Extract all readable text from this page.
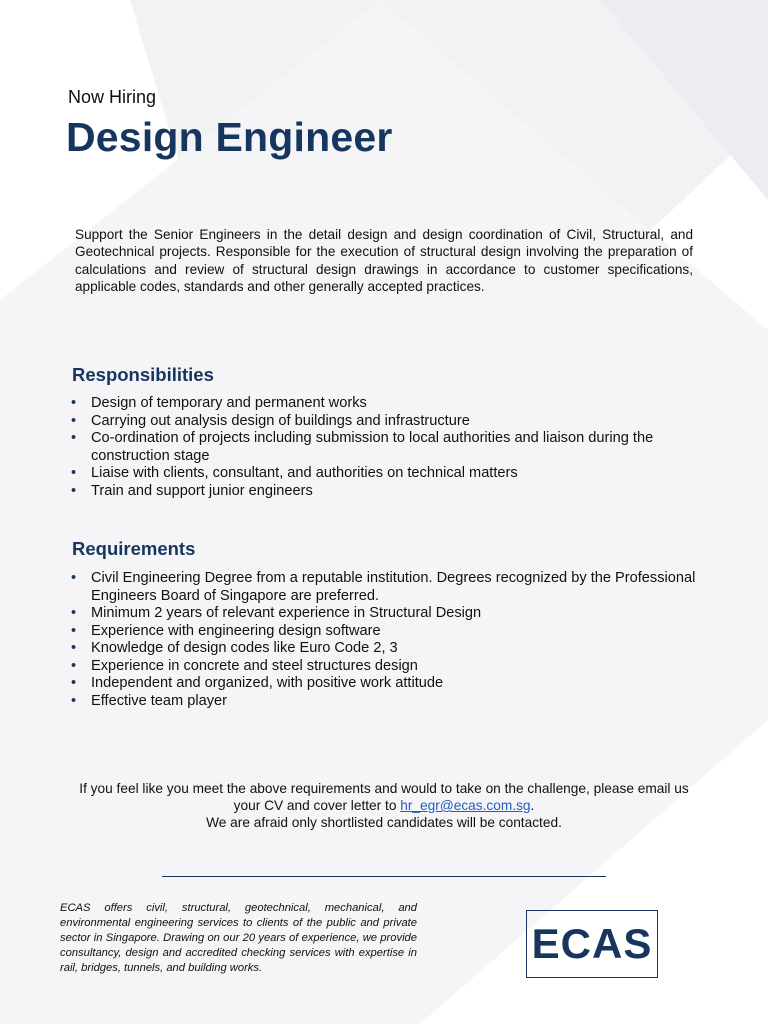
Now Hiring
Design Engineer
Support the Senior Engineers in the detail design and design coordination of Civil, Structural, and Geotechnical projects. Responsible for the execution of structural design involving the preparation of calculations and review of structural design drawings in accordance to customer specifications, applicable codes, standards and other generally accepted practices.
Responsibilities
• Design of temporary and permanent works
• Carrying out analysis design of buildings and infrastructure
• Co-ordination of projects including submission to local authorities and liaison during the construction stage
• Liaise with clients, consultant, and authorities on technical matters
• Train and support junior engineers
Requirements
• Civil Engineering Degree from a reputable institution. Degrees recognized by the Professional Engineers Board of Singapore are preferred.
• Minimum 2 years of relevant experience in Structural Design
• Experience with engineering design software
• Knowledge of design codes like Euro Code 2, 3
• Experience in concrete and steel structures design
• Independent and organized, with positive work attitude
• Effective team player
If you feel like you meet the above requirements and would to take on the challenge, please email us your CV and cover letter to hr_egr@ecas.com.sg.
We are afraid only shortlisted candidates will be contacted.
ECAS offers civil, structural, geotechnical, mechanical, and environmental engineering services to clients of the public and private sector in Singapore. Drawing on our 20 years of experience, we provide consultancy, design and accredited checking services with expertise in rail, bridges, tunnels, and building works.
ECAS
